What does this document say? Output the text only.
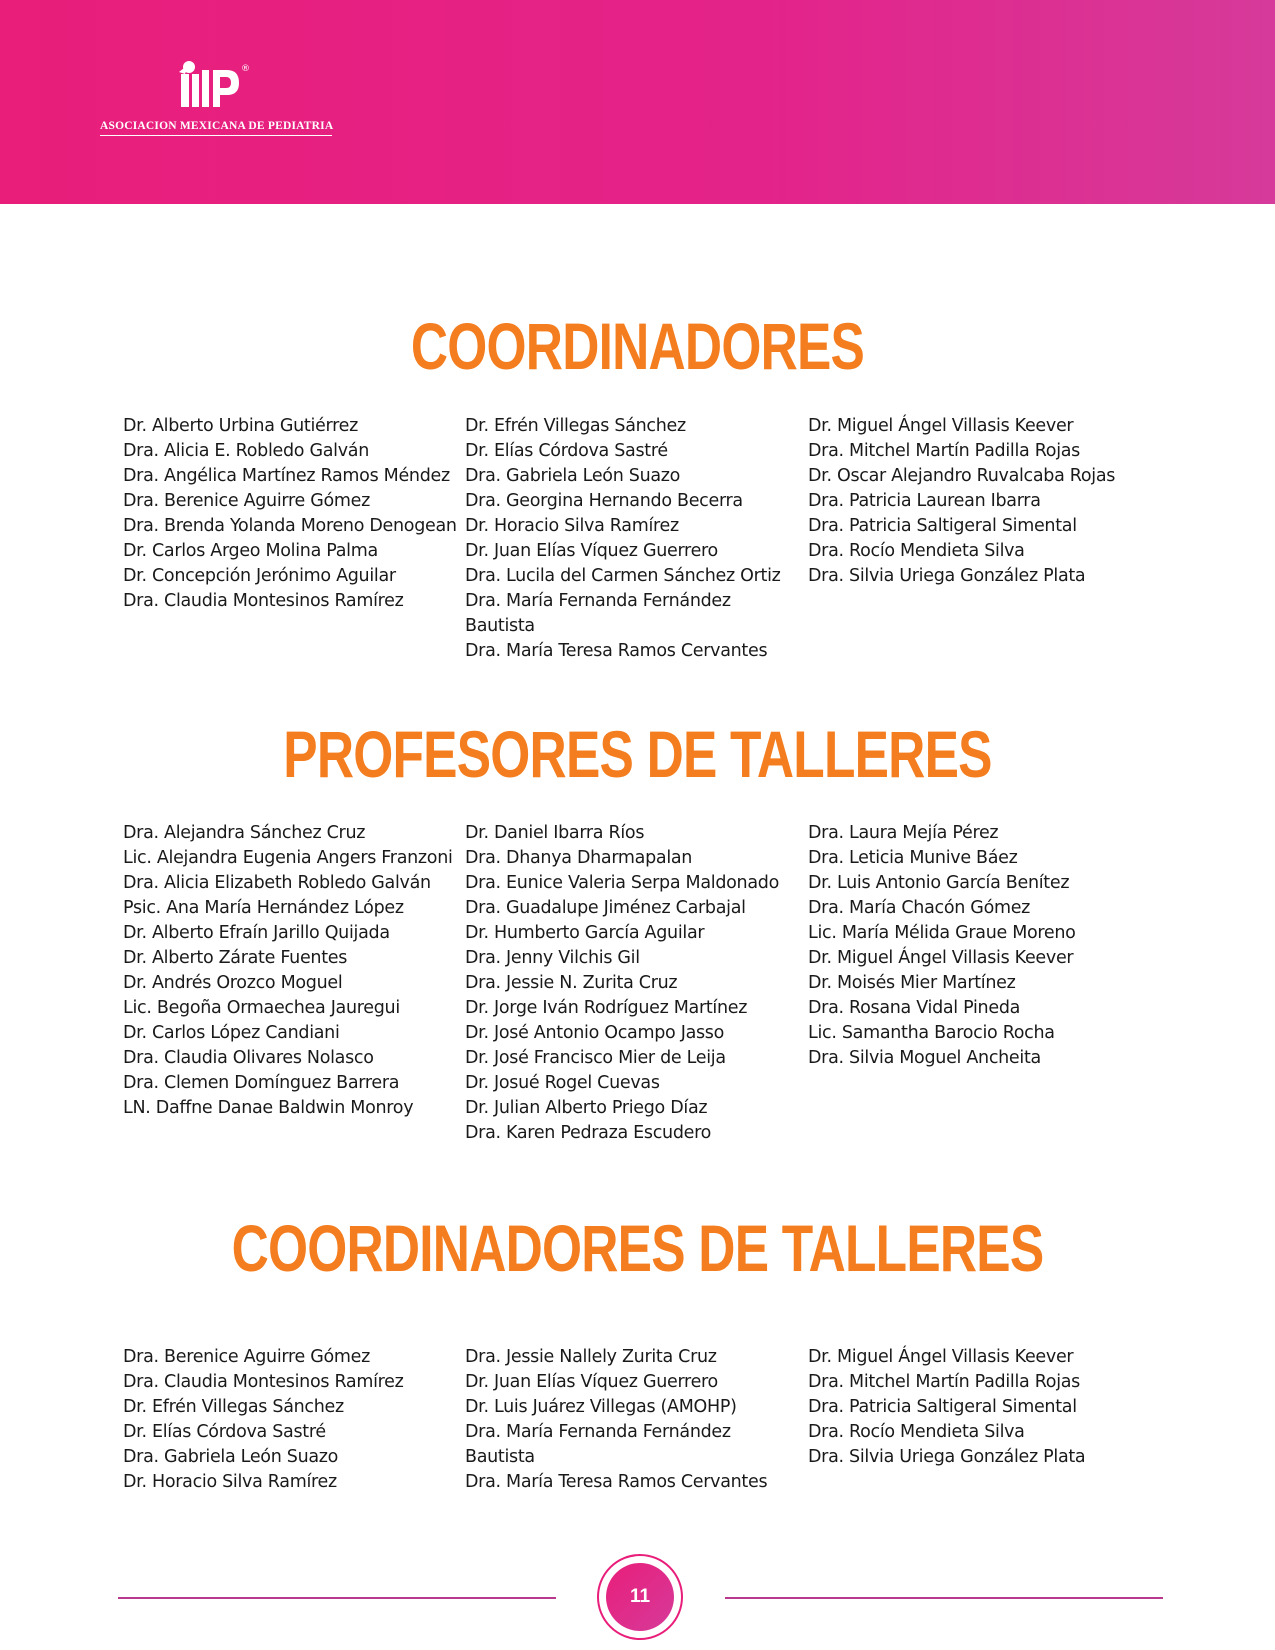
®
ASOCIACION MEXICANA DE PEDIATRIA
COORDINADORES
Dr. Alberto Urbina Gutiérrez
Dra. Alicia E. Robledo Galván
Dra. Angélica Martínez Ramos Méndez
Dra. Berenice Aguirre Gómez
Dra. Brenda Yolanda Moreno Denogean
Dr. Carlos Argeo Molina Palma
Dr. Concepción Jerónimo Aguilar
Dra. Claudia Montesinos Ramírez
Dr. Efrén Villegas Sánchez
Dr. Elías Córdova Sastré
Dra. Gabriela León Suazo
Dra. Georgina Hernando Becerra
Dr. Horacio Silva Ramírez
Dr. Juan Elías Víquez Guerrero
Dra. Lucila del Carmen Sánchez Ortiz
Dra. María Fernanda Fernández Bautista
Dra. María Teresa Ramos Cervantes
Dr. Miguel Ángel Villasis Keever
Dra. Mitchel Martín Padilla Rojas
Dr. Oscar Alejandro Ruvalcaba Rojas
Dra. Patricia Laurean Ibarra
Dra. Patricia Saltigeral Simental
Dra. Rocío Mendieta Silva
Dra. Silvia Uriega González Plata
PROFESORES DE TALLERES
Dra. Alejandra Sánchez Cruz
Lic. Alejandra Eugenia Angers Franzoni
Dra. Alicia Elizabeth Robledo Galván
Psic. Ana María Hernández López
Dr. Alberto Efraín Jarillo Quijada
Dr. Alberto Zárate Fuentes
Dr. Andrés Orozco Moguel
Lic. Begoña Ormaechea Jauregui
Dr. Carlos López Candiani
Dra. Claudia Olivares Nolasco
Dra. Clemen Domínguez Barrera
LN. Daffne Danae Baldwin Monroy
Dr. Daniel Ibarra Ríos
Dra. Dhanya Dharmapalan
Dra. Eunice Valeria Serpa Maldonado
Dra. Guadalupe Jiménez Carbajal
Dr. Humberto García Aguilar
Dra. Jenny Vilchis Gil
Dra. Jessie N. Zurita Cruz
Dr. Jorge Iván Rodríguez Martínez
Dr. José Antonio Ocampo Jasso
Dr. José Francisco Mier de Leija
Dr. Josué Rogel Cuevas
Dr. Julian Alberto Priego Díaz
Dra. Karen Pedraza Escudero
Dra. Laura Mejía Pérez
Dra. Leticia Munive Báez
Dr. Luis Antonio García Benítez
Dra. María Chacón Gómez
Lic. María Mélida Graue Moreno
Dr. Miguel Ángel Villasis Keever
Dr. Moisés Mier Martínez
Dra. Rosana Vidal Pineda
Lic. Samantha Barocio Rocha
Dra. Silvia Moguel Ancheita
COORDINADORES DE TALLERES
Dra. Berenice Aguirre Gómez
Dra. Claudia Montesinos Ramírez
Dr. Efrén Villegas Sánchez
Dr. Elías Córdova Sastré
Dra. Gabriela León Suazo
Dr. Horacio Silva Ramírez
Dra. Jessie Nallely Zurita Cruz
Dr. Juan Elías Víquez Guerrero
Dr. Luis Juárez Villegas (AMOHP)
Dra. María Fernanda Fernández Bautista
Dra. María Teresa Ramos Cervantes
Dr. Miguel Ángel Villasis Keever
Dra. Mitchel Martín Padilla Rojas
Dra. Patricia Saltigeral Simental
Dra. Rocío Mendieta Silva
Dra. Silvia Uriega González Plata
11
